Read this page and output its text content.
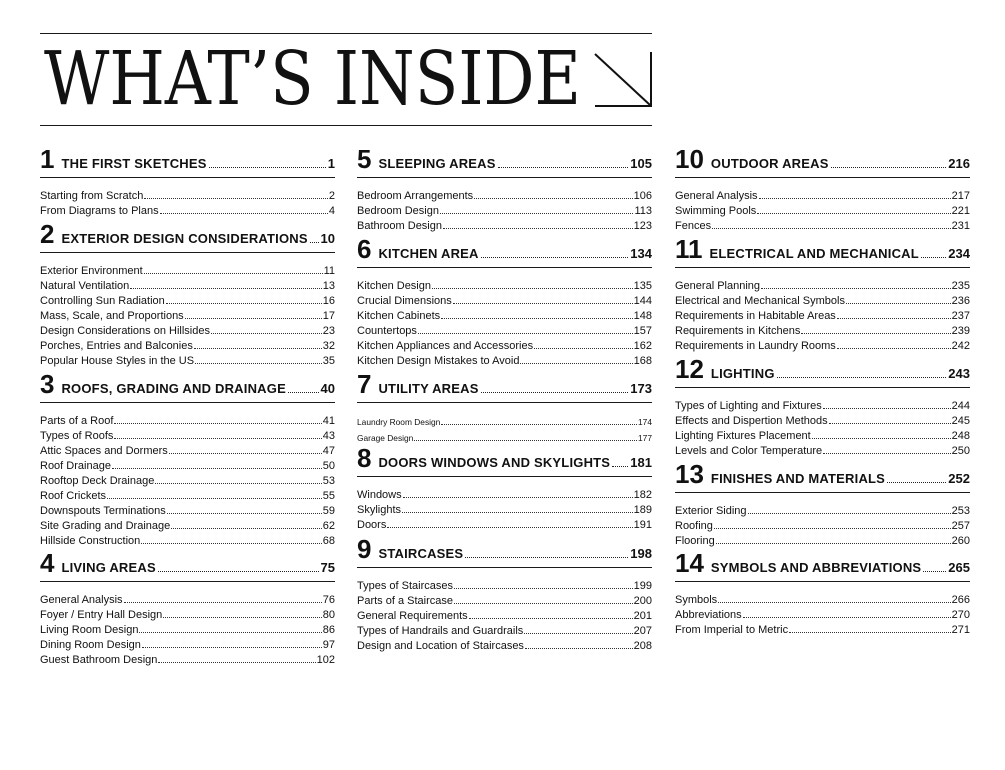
WHAT’S INSIDE
1 THE FIRST SKETCHES	1
Starting from Scratch	2
From Diagrams to Plans	4
2 EXTERIOR DESIGN CONSIDERATIONS 10
Exterior Environment	11
Natural Ventilation	13
Controlling Sun Radiation	16
Mass, Scale, and Proportions	17
Design Considerations on Hillsides	23
Porches, Entries and Balconies	32
Popular House Styles in the US	35
3 ROOFS, GRADING AND DRAINAGE	40
Parts of a Roof	41
Types of Roofs	43
Attic Spaces and Dormers	47
Roof Drainage	50
Rooftop Deck Drainage	53
Roof Crickets	55
Downspouts Terminations	59
Site Grading and Drainage	62
Hillside Construction	68
4 LIVING AREAS	75
General Analysis	76
Foyer / Entry Hall Design	80
Living Room Design	86
Dining Room Design	97
Guest Bathroom Design	102
5 SLEEPING AREAS	105
Bedroom Arrangements	106
Bedroom Design	113
Bathroom Design	123
6 KITCHEN AREA	134
Kitchen Design	135
Crucial Dimensions	144
Kitchen Cabinets	148
Countertops	157
Kitchen Appliances and Accessories	162
Kitchen Design Mistakes to Avoid	168
7 UTILITY AREAS	173
Laundry Room Design	174
Garage Design	177
8 DOORS WINDOWS AND SKYLIGHTS 181
Windows	182
Skylights	189
Doors	191
9 STAIRCASES	198
Types of Staircases	199
Parts of a Staircase	200
General Requirements	201
Types of Handrails and Guardrails	207
Design and Location of Staircases	208
10 OUTDOOR AREAS	216
General Analysis	217
Swimming Pools	221
Fences	231
11 ELECTRICAL AND MECHANICAL 234
General Planning	235
Electrical and Mechanical Symbols	236
Requirements in Habitable Areas	237
Requirements in Kitchens	239
Requirements in Laundry Rooms	242
12 LIGHTING	243
Types of Lighting and Fixtures	244
Effects and Dispertion Methods	245
Lighting Fixtures Placement	248
Levels and Color Temperature	250
13 FINISHES AND MATERIALS	252
Exterior Siding	253
Roofing	257
Flooring	260
14 SYMBOLS AND ABBREVIATIONS 265
Symbols	266
Abbreviations	270
From Imperial to Metric	271
